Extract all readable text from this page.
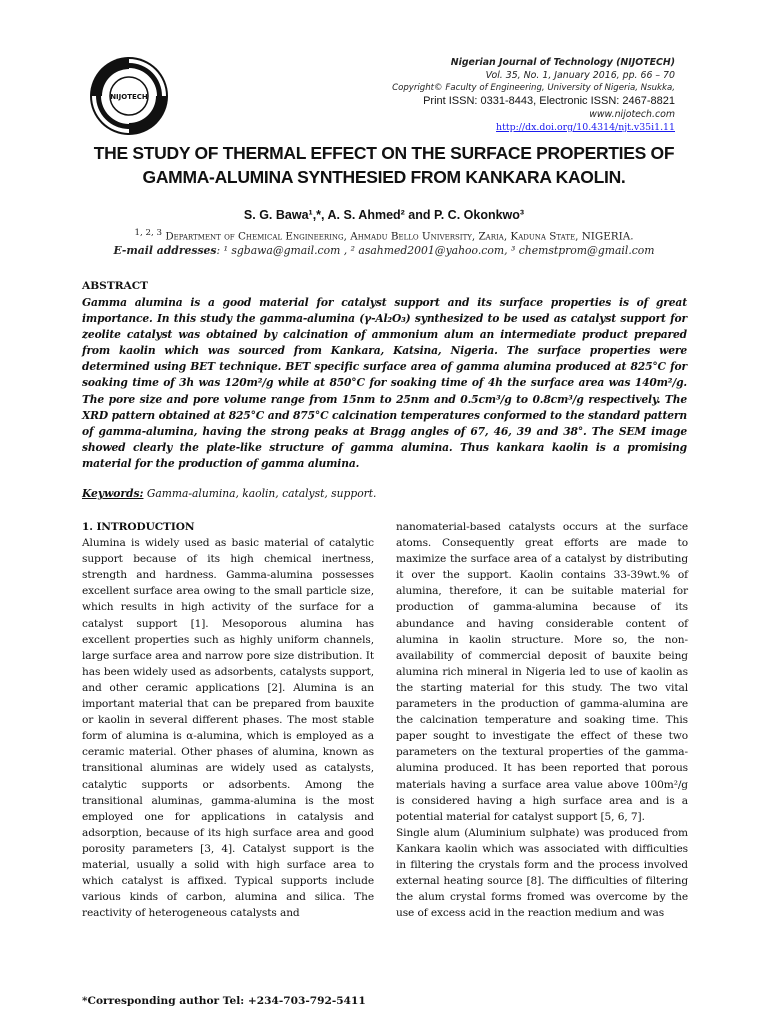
NIJOTECH
Nigerian Journal of Technology (NIJOTECH)
Vol. 35, No. 1, January 2016, pp. 66 – 70
Copyright© Faculty of Engineering, University of Nigeria, Nsukka,
Print ISSN: 0331-8443, Electronic ISSN: 2467-8821
www.nijotech.com
http://dx.doi.org/10.4314/njt.v35i1.11
THE STUDY OF THERMAL EFFECT ON THE SURFACE PROPERTIES OF
GAMMA-ALUMINA SYNTHESIED FROM KANKARA KAOLIN.
S. G. Bawa¹,*, A. S. Ahmed² and P. C. Okonkwo³
$^{1, 2, 3}$ Department of Chemical Engineering, Ahmadu Bello University, Zaria, Kaduna State, NIGERIA.
E-mail addresses: ¹ sgbawa@gmail.com , ² asahmed2001@yahoo.com, ³ chemstprom@gmail.com
ABSTRACT
Gamma alumina is a good material for catalyst support and its surface properties is of great importance. In this study the gamma-alumina (γ-Al₂O₃) synthesized to be used as catalyst support for zeolite catalyst was obtained by calcination of ammonium alum an intermediate product prepared from kaolin which was sourced from Kankara, Katsina, Nigeria. The surface properties were determined using BET technique. BET specific surface area of gamma alumina produced at 825°C for soaking time of 3h was 120m²/g while at 850°C for soaking time of 4h the surface area was 140m²/g. The pore size and pore volume range from 15nm to 25nm and 0.5cm³/g to 0.8cm³/g respectively. The XRD pattern obtained at 825°C and 875°C calcination temperatures conformed to the standard pattern of gamma-alumina, having the strong peaks at Bragg angles of 67, 46, 39 and 38°. The SEM image showed clearly the plate-like structure of gamma alumina. Thus kankara kaolin is a promising material for the production of gamma alumina.
Keywords: Gamma-alumina, kaolin, catalyst, support.

1. INTRODUCTION

Alumina is widely used as basic material of catalytic support because of its high chemical inertness, strength and hardness. Gamma-alumina possesses excellent surface area owing to the small particle size, which results in high activity of the surface for a catalyst support [1]. Mesoporous alumina has excellent properties such as highly uniform channels, large surface area and narrow pore size distribution. It has been widely used as adsorbents, catalysts support, and other ceramic applications [2]. Alumina is an important material that can be prepared from bauxite or kaolin in several different phases. The most stable form of alumina is α-alumina, which is employed as a ceramic material. Other phases of alumina, known as transitional aluminas are widely used as catalysts, catalytic supports or adsorbents. Among the transitional aluminas, gamma-alumina is the most employed one for applications in catalysis and adsorption, because of its high surface area and good porosity parameters [3, 4]. Catalyst support is the material, usually a solid with high surface area to which catalyst is affixed. Typical supports include various kinds of carbon, alumina and silica. The reactivity of heterogeneous catalysts and

nanomaterial-based catalysts occurs at the surface atoms. Consequently great efforts are made to maximize the surface area of a catalyst by distributing it over the support. Kaolin contains 33-39wt.% of alumina, therefore, it can be suitable material for production of gamma-alumina because of its abundance and having considerable content of alumina in kaolin structure. More so, the non-availability of commercial deposit of bauxite being alumina rich mineral in Nigeria led to use of kaolin as the starting material for this study. The two vital parameters in the production of gamma-alumina are the calcination temperature and soaking time. This paper sought to investigate the effect of these two parameters on the textural properties of the gamma-alumina produced. It has been reported that porous materials having a surface area value above 100m²/g is considered having a high surface area and is a potential material for catalyst support [5, 6, 7].

Single alum (Aluminium sulphate) was produced from Kankara kaolin which was associated with difficulties in filtering the crystals form and the process involved external heating source [8]. The difficulties of filtering the alum crystal forms fromed was overcome by the use of excess acid in the reaction medium and was

*Corresponding author Tel: +234-703-792-5411
